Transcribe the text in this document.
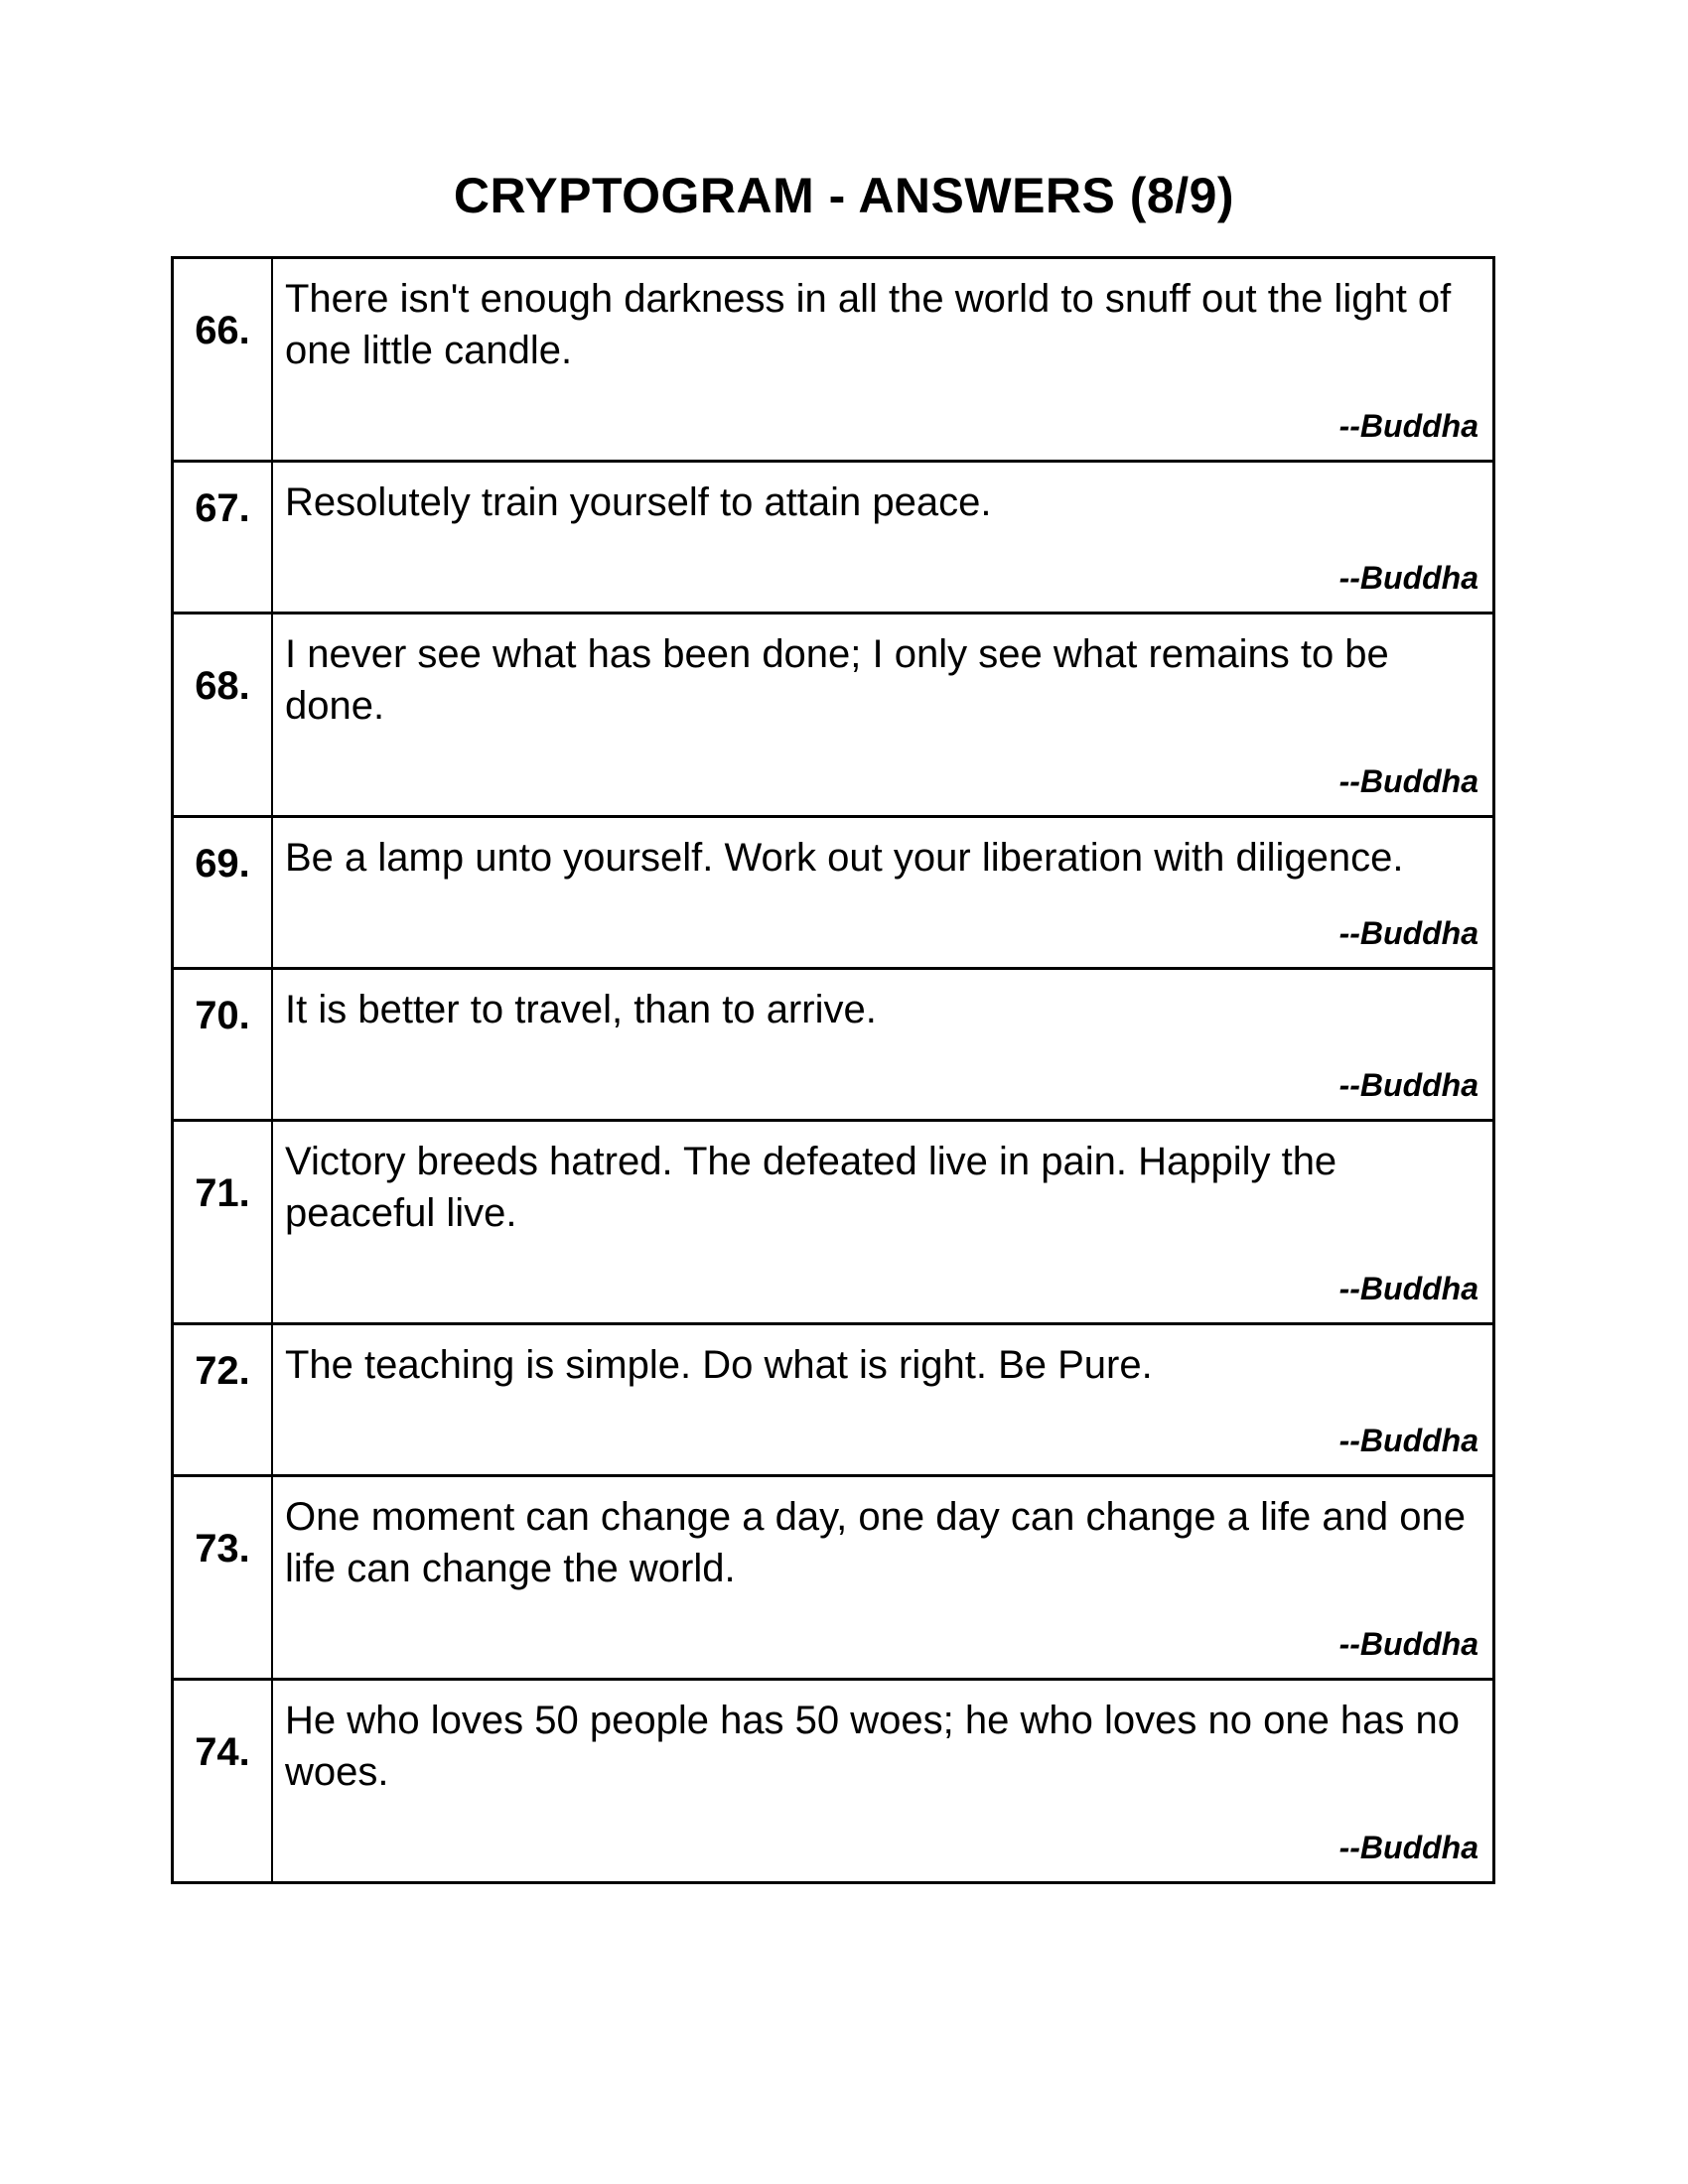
CRYPTOGRAM - ANSWERS (8/9)
66.
There isn't enough darkness in all the world to snuff out the light of one little candle.
--Buddha
67. Resolutely train yourself to attain peace.
--Buddha
68.
I never see what has been done; I only see what remains to be done.
--Buddha
69. Be a lamp unto yourself. Work out your liberation with diligence.
--Buddha
70. It is better to travel, than to arrive.
--Buddha
71.
Victory breeds hatred. The defeated live in pain. Happily the peaceful live.
--Buddha
72. The teaching is simple. Do what is right. Be Pure.
--Buddha
73.
One moment can change a day, one day can change a life and one life can change the world.
--Buddha
74.
He who loves 50 people has 50 woes; he who loves no one has no woes.
--Buddha
